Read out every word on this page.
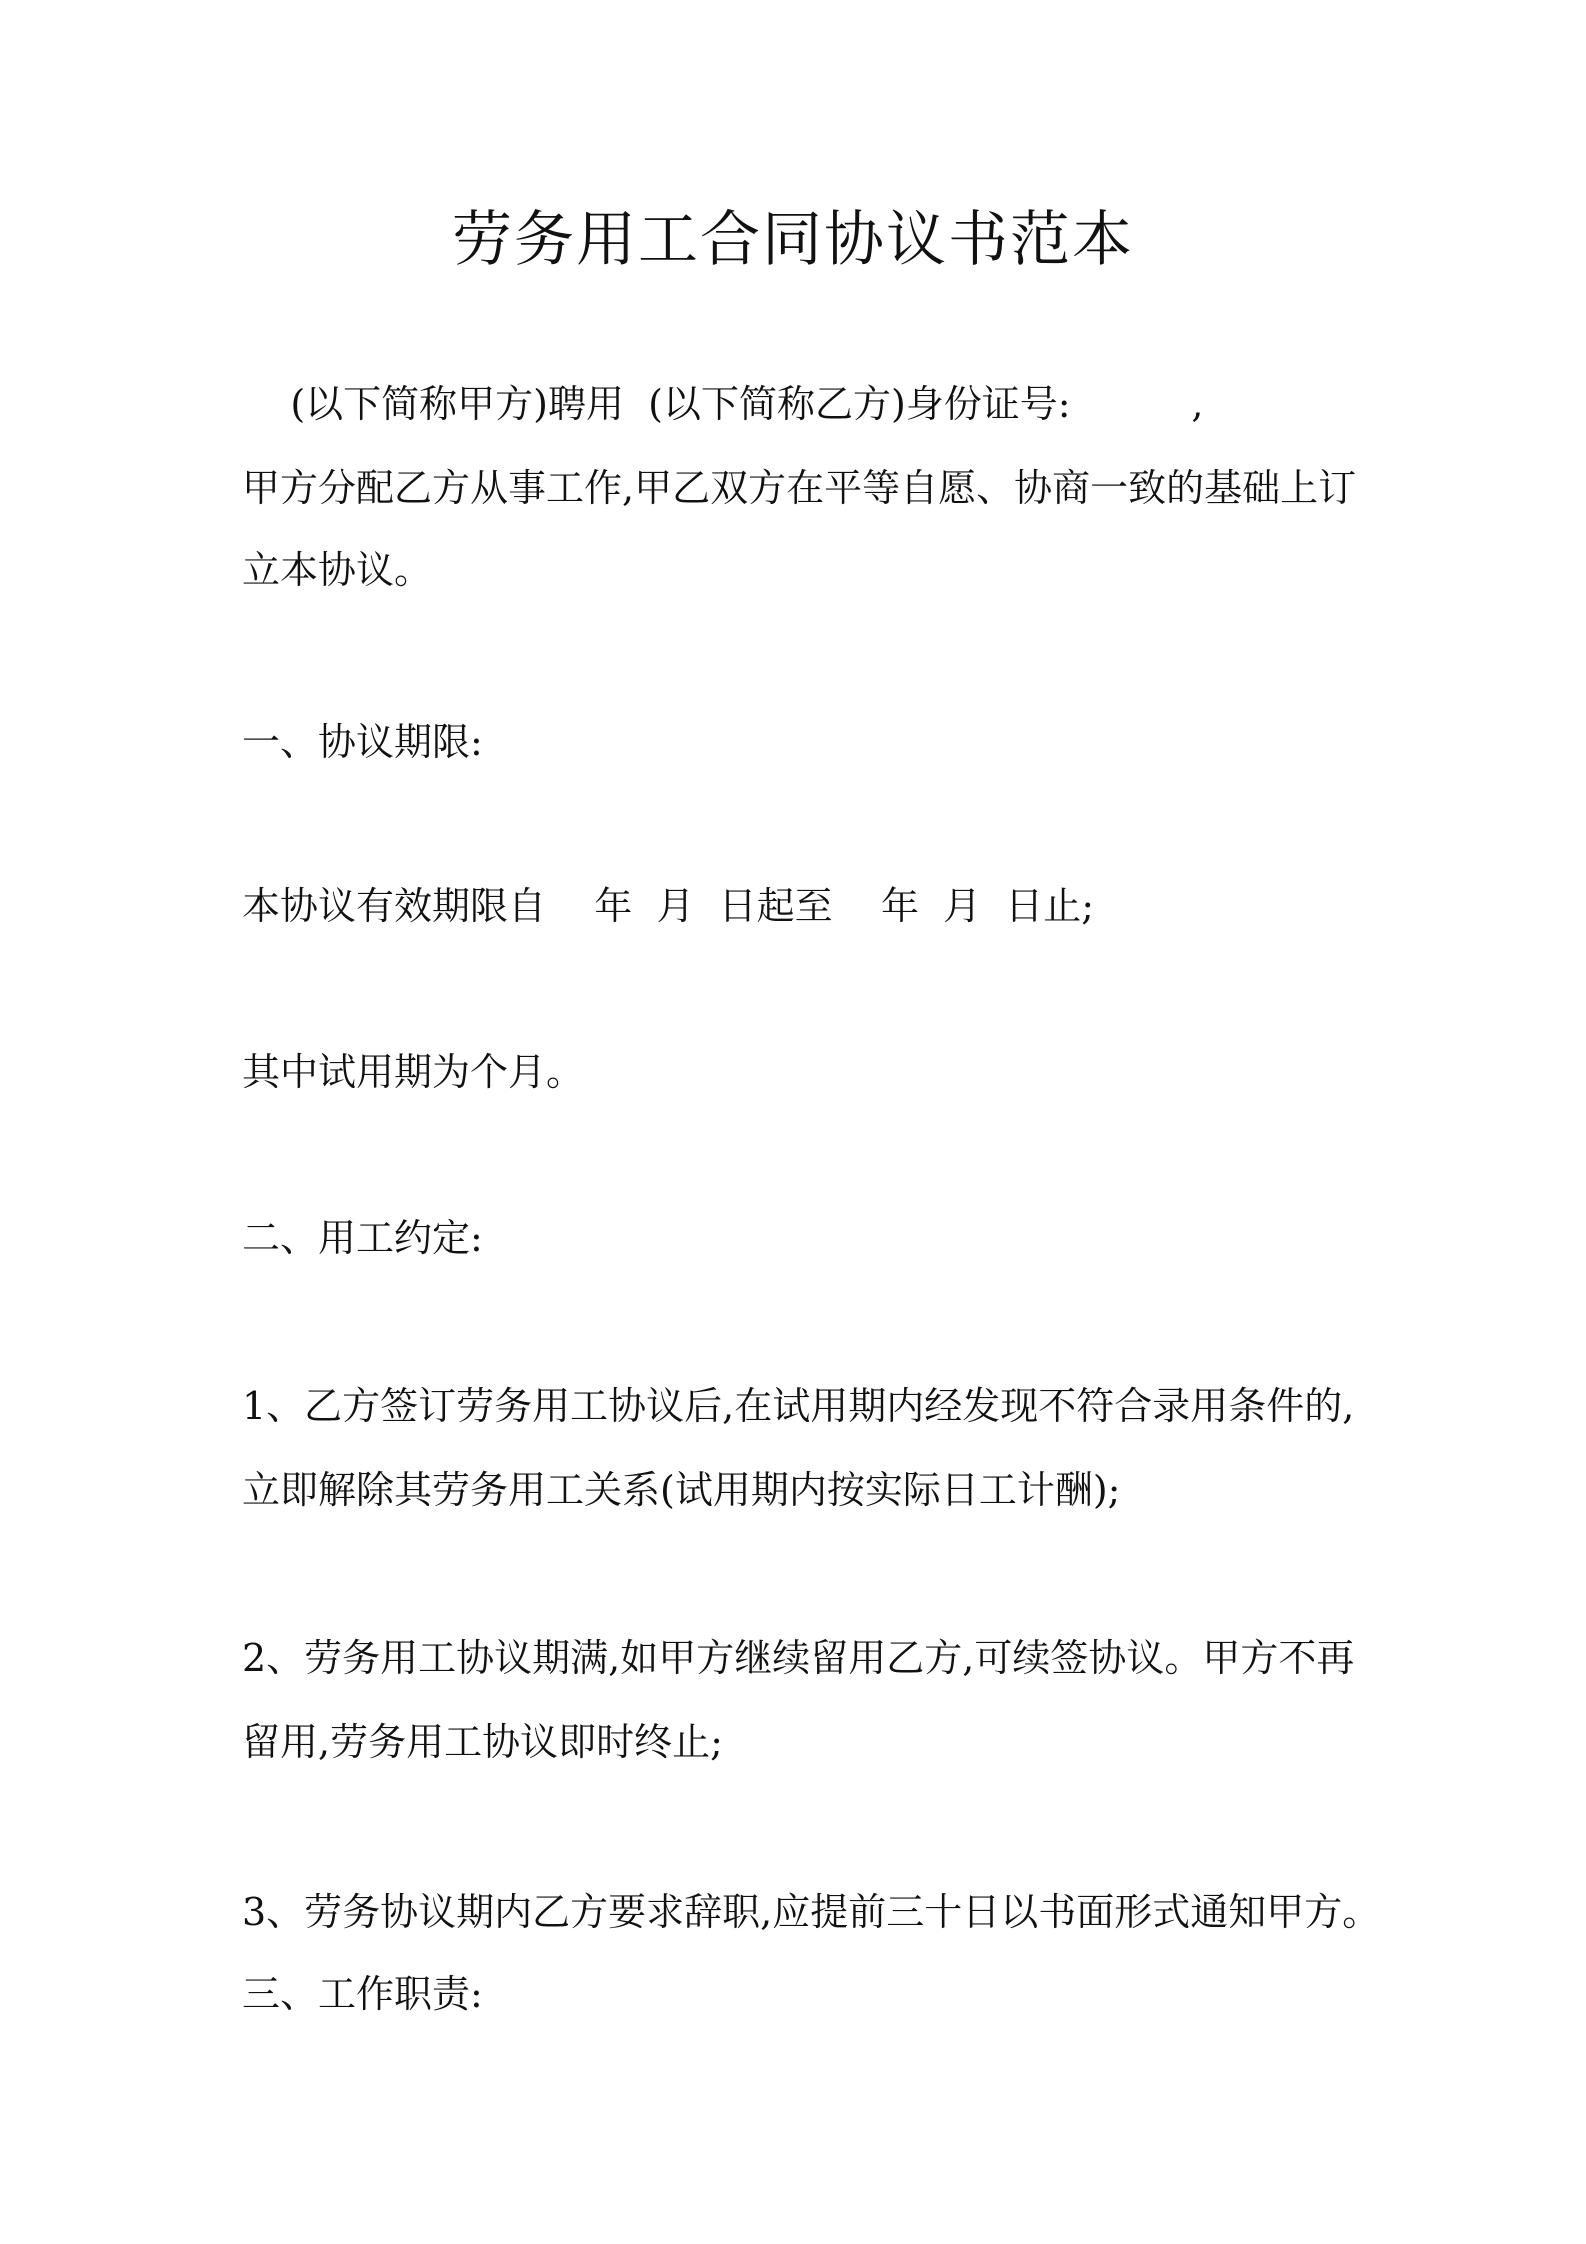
劳务用工合同协议书范本
(以下简称甲方)聘用  (以下简称乙方)身份证号:          ,
甲方分配乙方从事工作,甲乙双方在平等自愿、协商一致的基础上订
立本协议。
一、协议期限:
本协议有效期限自    年  月  日起至    年  月  日止;
其中试用期为个月。
二、用工约定:
1、乙方签订劳务用工协议后,在试用期内经发现不符合录用条件的,
立即解除其劳务用工关系(试用期内按实际日工计酬);
2、劳务用工协议期满,如甲方继续留用乙方,可续签协议。甲方不再
留用,劳务用工协议即时终止;
3、劳务协议期内乙方要求辞职,应提前三十日以书面形式通知甲方。
三、工作职责:
